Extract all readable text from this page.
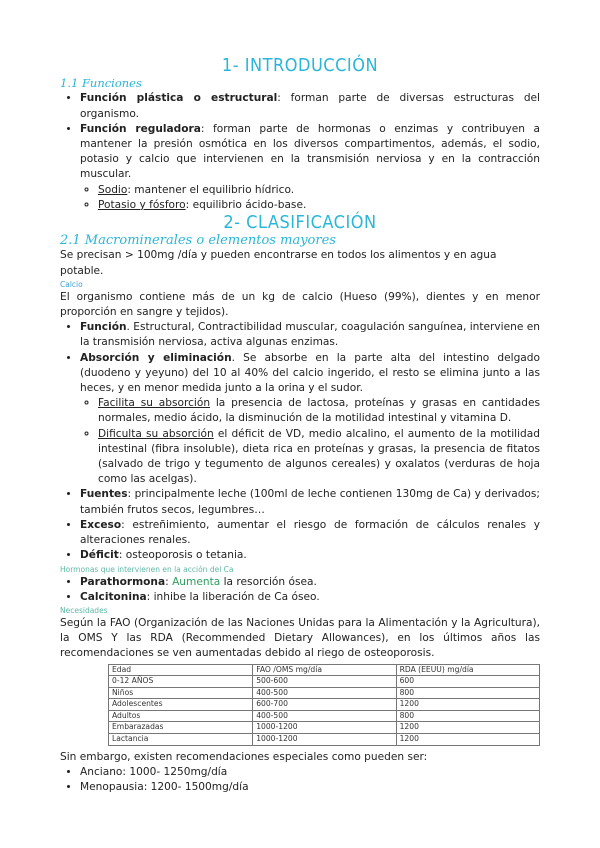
1- INTRODUCCIÓN
1.1 Funciones
• Función plástica o estructural: forman parte de diversas estructuras del organismo.
• Función reguladora: forman parte de hormonas o enzimas y contribuyen a mantener la presión osmótica en los diversos compartimentos, además, el sodio, potasio y calcio que intervienen en la transmisión nerviosa y en la contracción muscular.
◦ Sodio: mantener el equilibrio hídrico.
◦ Potasio y fósforo: equilibrio ácido-base.
2- CLASIFICACIÓN
2.1 Macrominerales o elementos mayores

Se precisan > 100mg /día y pueden encontrarse en todos los alimentos y en agua potable.

Calcio

El organismo contiene más de un kg de calcio (Hueso (99%), dientes y en menor proporción en sangre y tejidos).

• Función. Estructural, Contractibilidad muscular, coagulación sanguínea, interviene en la transmisión nerviosa, activa algunas enzimas.
• Absorción y eliminación. Se absorbe en la parte alta del intestino delgado (duodeno y yeyuno) del 10 al 40% del calcio ingerido, el resto se elimina junto a las heces, y en menor medida junto a la orina y el sudor.
◦ Facilita su absorción la presencia de lactosa, proteínas y grasas en cantidades normales, medio ácido, la disminución de la motilidad intestinal y vitamina D.
◦ Dificulta su absorción el déficit de VD, medio alcalino, el aumento de la motilidad intestinal (fibra insoluble), dieta rica en proteínas y grasas, la presencia de fitatos (salvado de trigo y tegumento de algunos cereales) y oxalatos (verduras de hoja como las acelgas).
• Fuentes: principalmente leche (100ml de leche contienen 130mg de Ca) y derivados; también frutos secos, legumbres…
• Exceso: estreñimiento, aumentar el riesgo de formación de cálculos renales y alteraciones renales.
• Déficit: osteoporosis o tetania.

Hormonas que intervienen en la acción del Ca

• Parathormona: Aumenta la resorción ósea.
• Calcitonina: inhibe la liberación de Ca óseo.

Necesidades

Según la FAO (Organización de las Naciones Unidas para la Alimentación y la Agricultura), la OMS Y las RDA (Recommended Dietary Allowances), en los últimos años las recomendaciones se ven aumentadas debido al riego de osteoporosis.

Edad	FAO /OMS mg/día	RDA (EEUU) mg/día
0-12 AÑOS	500-600	600
Niños	400-500	800
Adolescentes	600-700	1200
Adultos	400-500	800
Embarazadas	1000-1200	1200
Lactancia	1000-1200	1200

Sin embargo, existen recomendaciones especiales como pueden ser:

• Anciano: 1000- 1250mg/día
• Menopausia: 1200- 1500mg/día
